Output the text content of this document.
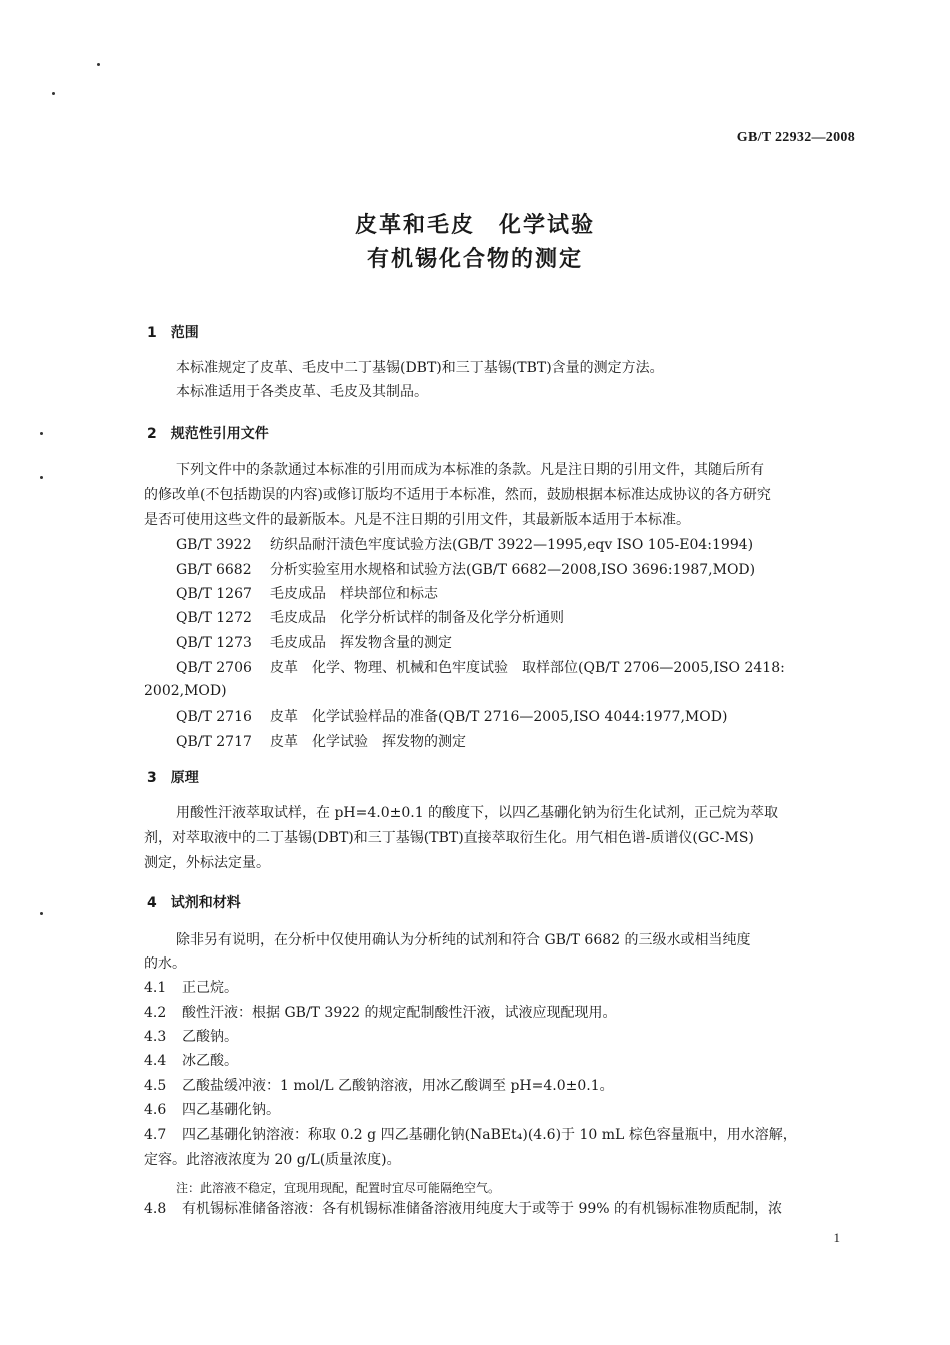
GB/T 22932—2008
皮革和毛皮　化学试验
有机锡化合物的测定
1　范围
本标准规定了皮革、毛皮中二丁基锡(DBT)和三丁基锡(TBT)含量的测定方法。
本标准适用于各类皮革、毛皮及其制品。
2　规范性引用文件
下列文件中的条款通过本标准的引用而成为本标准的条款。凡是注日期的引用文件，其随后所有
的修改单(不包括勘误的内容)或修订版均不适用于本标准，然而，鼓励根据本标准达成协议的各方研究
是否可使用这些文件的最新版本。凡是不注日期的引用文件，其最新版本适用于本标准。
GB/T 3922 纺织品耐汗渍色牢度试验方法(GB/T 3922—1995,eqv ISO 105-E04:1994)
GB/T 6682 分析实验室用水规格和试验方法(GB/T 6682—2008,ISO 3696:1987,MOD)
QB/T 1267 毛皮成品　样块部位和标志
QB/T 1272 毛皮成品　化学分析试样的制备及化学分析通则
QB/T 1273 毛皮成品　挥发物含量的测定
QB/T 2706 皮革　化学、物理、机械和色牢度试验　取样部位(QB/T 2706—2005,ISO 2418:
2002,MOD)
QB/T 2716 皮革　化学试验样品的准备(QB/T 2716—2005,ISO 4044:1977,MOD)
QB/T 2717 皮革　化学试验　挥发物的测定
3　原理
用酸性汗液萃取试样，在 pH=4.0±0.1 的酸度下，以四乙基硼化钠为衍生化试剂，正己烷为萃取
剂，对萃取液中的二丁基锡(DBT)和三丁基锡(TBT)直接萃取衍生化。用气相色谱-质谱仪(GC-MS)
测定，外标法定量。
4　试剂和材料
除非另有说明，在分析中仅使用确认为分析纯的试剂和符合 GB/T 6682 的三级水或相当纯度
的水。
4.1 正己烷。
4.2 酸性汗液：根据 GB/T 3922 的规定配制酸性汗液，试液应现配现用。
4.3 乙酸钠。
4.4 冰乙酸。
4.5 乙酸盐缓冲液：1 mol/L 乙酸钠溶液，用冰乙酸调至 pH=4.0±0.1。
4.6 四乙基硼化钠。
4.7 四乙基硼化钠溶液：称取 0.2 g 四乙基硼化钠(NaBEt₄)(4.6)于 10 mL 棕色容量瓶中，用水溶解，
定容。此溶液浓度为 20 g/L(质量浓度)。
注：此溶液不稳定，宜现用现配，配置时宜尽可能隔绝空气。
4.8 有机锡标准储备溶液：各有机锡标准储备溶液用纯度大于或等于 99% 的有机锡标准物质配制，浓
1
